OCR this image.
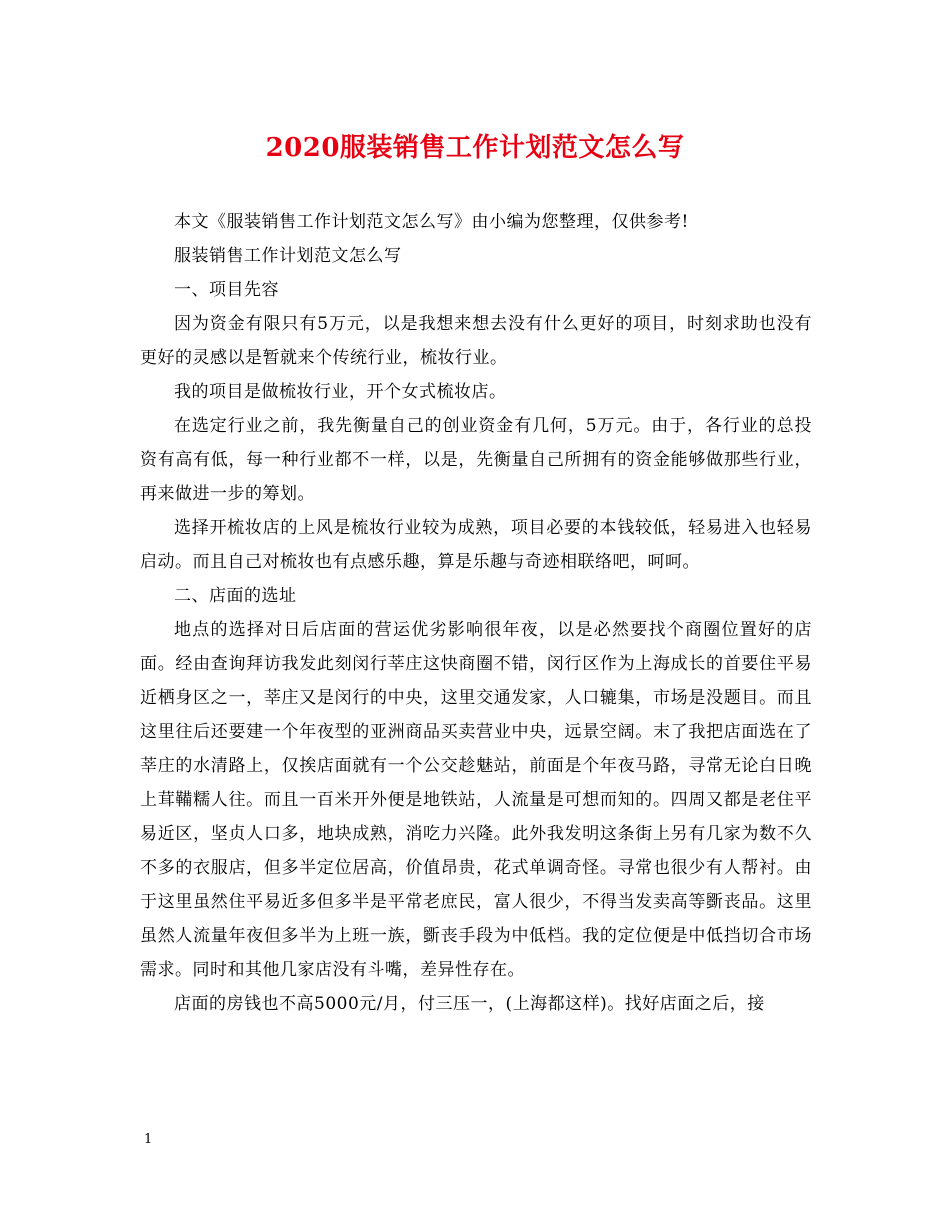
2020服装销售工作计划范文怎么写

本文《服装销售工作计划范文怎么写》由小编为您整理，仅供参考!

服装销售工作计划范文怎么写

一、项目先容

因为资金有限只有5万元，以是我想来想去没有什么更好的项目，时刻求助也没有更好的灵感以是暂就来个传统行业，梳妆行业。

我的项目是做梳妆行业，开个女式梳妆店。

在选定行业之前，我先衡量自己的创业资金有几何，5万元。由于，各行业的总投资有高有低，每一种行业都不一样，以是，先衡量自己所拥有的资金能够做那些行业，再来做进一步的筹划。

选择开梳妆店的上风是梳妆行业较为成熟，项目必要的本钱较低，轻易进入也轻易启动。而且自己对梳妆也有点感乐趣，算是乐趣与奇迹相联络吧，呵呵。

二、店面的选址

地点的选择对日后店面的营运优劣影响很年夜，以是必然要找个商圈位置好的店面。经由查询拜访我发此刻闵行莘庄这快商圈不错，闵行区作为上海成长的首要住平易近栖身区之一，莘庄又是闵行的中央，这里交通发家，人口辘集，市场是没题目。而且这里往后还要建一个年夜型的亚洲商品买卖营业中央，远景空阔。末了我把店面选在了莘庄的水清路上，仅挨店面就有一个公交趁魅站，前面是个年夜马路，寻常无论白日晚上茸鞴糯人往。而且一百米开外便是地铁站，人流量是可想而知的。四周又都是老住平易近区，坚贞人口多，地块成熟，消吃力兴隆。此外我发明这条街上另有几家为数不久不多的衣服店，但多半定位居高，价值昂贵，花式单调奇怪。寻常也很少有人帮衬。由于这里虽然住平易近多但多半是平常老庶民，富人很少，不得当发卖高等斵丧品。这里虽然人流量年夜但多半为上班一族，斵丧手段为中低档。我的定位便是中低挡切合市场需求。同时和其他几家店没有斗嘴，差异性存在。

店面的房钱也不高5000元/月，付三压一，(上海都这样)。找好店面之后，接

1
